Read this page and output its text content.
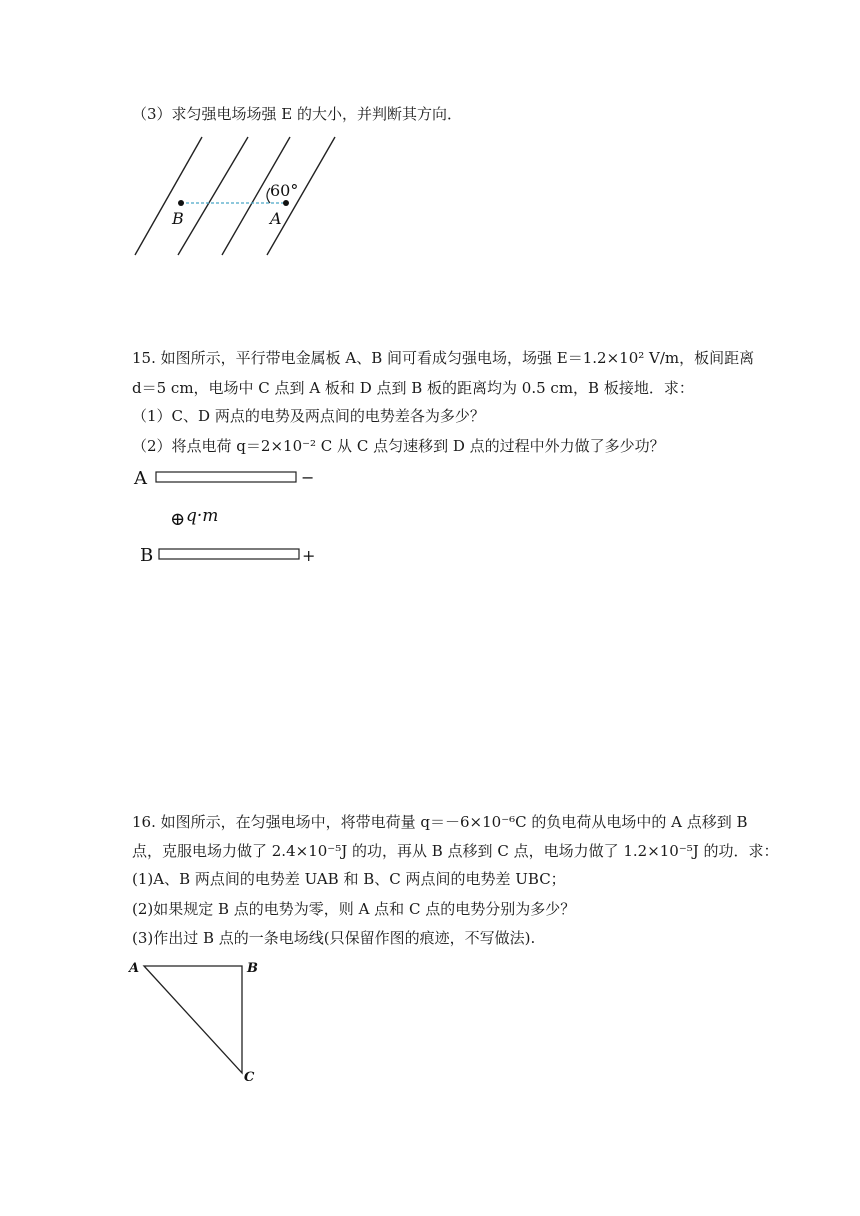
（3）求匀强电场场强 E 的大小，并判断其方向．
60°
B	A
15. 如图所示，平行带电金属板 A、B 间可看成匀强电场，场强 E＝1.2×10² V/m，板间距离
d＝5 cm，电场中 C 点到 A 板和 D 点到 B 板的距离均为 0.5 cm，B 板接地．求：
（1）C、D 两点的电势及两点间的电势差各为多少？
（2）将点电荷 q＝2×10⁻² C 从 C 点匀速移到 D 点的过程中外力做了多少功？
A	−
⊕ q·m
B	+
16. 如图所示，在匀强电场中，将带电荷量 q＝－6×10⁻⁶C 的负电荷从电场中的 A 点移到 B
点，克服电场力做了 2.4×10⁻⁵J 的功，再从 B 点移到 C 点，电场力做了 1.2×10⁻⁵J 的功．求：
(1)A、B 两点间的电势差 UAB 和 B、C 两点间的电势差 UBC；
(2)如果规定 B 点的电势为零，则 A 点和 C 点的电势分别为多少？
(3)作出过 B 点的一条电场线(只保留作图的痕迹，不写做法).
A	B
C
